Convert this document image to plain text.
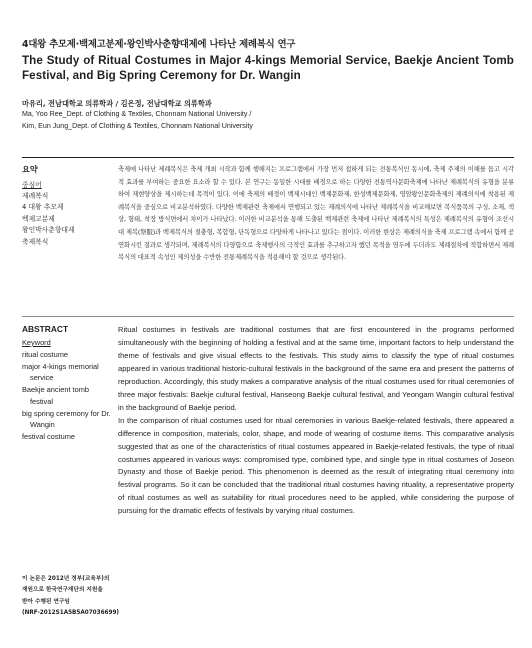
4대왕 추모제·백제고분제·왕인박사춘향대제에 나타난 제례복식 연구
The Study of Ritual Costumes in Major 4-kings Memorial Service, Baekje Ancient Tomb Festival, and Big Spring Ceremony for Dr. Wangin

마유리, 전남대학교 의류학과 / 김은정, 전남대학교 의류학과

Ma, Yoo Ree_Dept. of Clothing & Textiles, Chonnam National University /

Kim, Eun Jung_Dept. of Clothing & Textiles, Chonnam National University

요약

중심어

제례복식
4 대왕 추모제
백제고분제
왕인박사춘향대제
축제복식

축제에 나타난 제례복식은 축제 개최 시작과 함께 행해지는 프로그램에서 가장 먼저 접하게 되는 전통복식인 동시에, 축제 주제의 이해를 돕고 시각적 효과를 부여하는 중요한 요소라 할 수 있다. 본 연구는 동일한 시대를 배경으로 하는 다양한 전통역사문화축제에 나타난 제례복식의 유형을 분류하여 재현양상을 제시하는데 목적이 있다. 이에 축제의 배경이 백제시대인 백제문화제, 한성백제문화제, 영암왕인문화축제의 제례의식에 착용된 제례복식을 중심으로 비교분석하였다. 다양한 백제관련 축제에서 연행되고 있는 제례의식에 나타난 제례복식을 비교해보면 복식품목의 구성, 소재, 색상, 형태, 착장 방식면에서 차이가 나타났다. 이러한 비교분석을 통해 도출된 백제관련 축제에 나타난 제례복식의 특성은 제례복식의 유형이 조선시대 제복(祭服)과 백제복식의 절충형, 복합형, 단독형으로 다양하게 나타나고 있다는 점이다. 이러한 현상은 제례의식을 축제 프로그램 속에서 함께 공연화시킨 결과로 생각되며, 제례복식의 다양함으로 축제행사의 극적인 효과를 추구하고자 했던 목적을 염두에 두더라도 제례절차에 적합하면서 제례복식의 대표적 속성인 제의성을 수반한 전통제례복식을 적용해야 할 것으로 생각된다.

ABSTRACT

Keyword

ritual costume
major 4-kings memorial service
Baekje ancient tomb festival
big spring ceremony for Dr. Wangin
festival costume

Ritual costumes in festivals are traditional costumes that are first encountered in the programs performed simultaneously with the beginning of holding a festival and at the same time, important factors to help understand the theme of festivals and give visual effects to the festivals. This study aims to classify the type of ritual costumes appeared in various traditional historic-cultural festivals in the background of the same era and present the patterns of reproduction. Accordingly, this study makes a comparative analysis of the ritual costumes used for ritual ceremonies of three major festivals: Baekje cultural festival, Hanseong Baekje cultural festival, and Yeongam Wangin cultural festival in the background of Baekje period.

In the comparison of ritual costumes used for ritual ceremonies in various Baekje-related festivals, there appeared a difference in composition, materials, color, shape, and mode of wearing of costume items. This comparative analysis suggested that as one of the characteristics of ritual costumes appeared in Baekje-related festivals, the type of ritual costumes appeared in various ways: compromised type, combined type, and single type in ritual costumes of Joseon Dynasty and those of Baekje period. This phenomenon is deemed as the result of integrating ritual ceremony into festival programs. So it can be concluded that the traditional ritual costumes having rituality, a representative property of ritual costumes as well as suitability for ritual procedures need to be applied, while considering the purpose of pursuing for the dramatic effects of festivals by varying ritual costumes.

이 논문은 2012년 정부(교육부)의
재원으로 한국연구재단의 지원을
받아 수행된 연구임
(NRF-2012S1A5B5A07036699)
